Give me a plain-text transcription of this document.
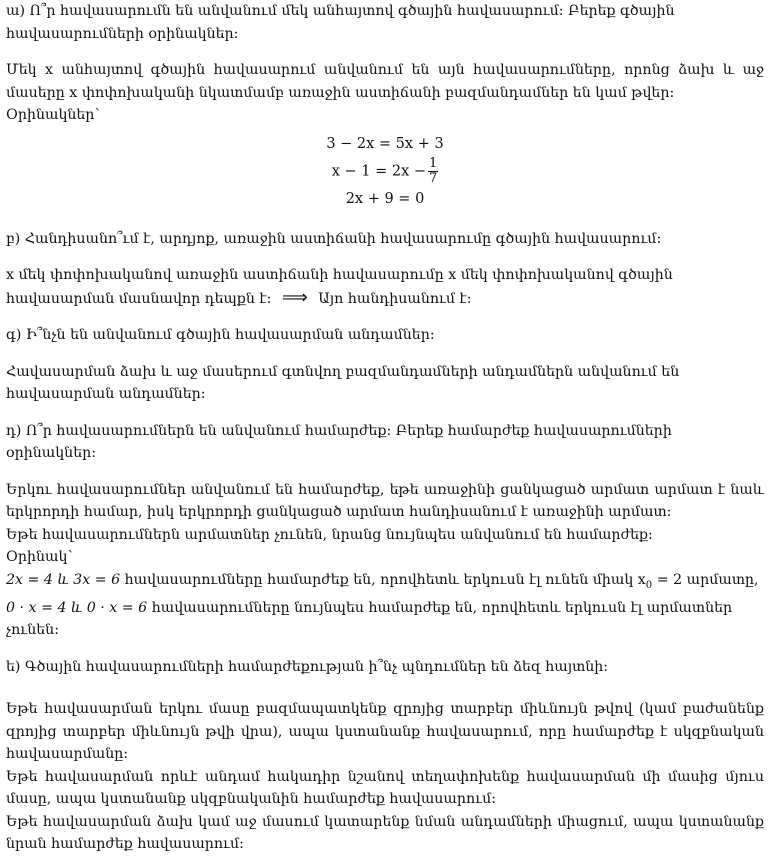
ա) Ո՞ր հավասարումն են անվանում մեկ անհայտով գծային հավասարում: Բերեք գծային հավասարումների օրինակներ:

Մեկ x անհայտով գծային հավասարում անվանում են այն հավասարումները, որոնց ձախ և աջ մասերը x փոփոխականի նկատմամբ առաջին աստիճանի բազմանդամներ են կամ թվեր:

Օրինակներ՝

3 − 2x = 5x + 3
$x - 1 = 2x - \frac{1}{7}$
2x + 9 = 0

բ) Հանդիսանո՞ւմ է, արդյոք, առաջին աստիճանի հավասարումը գծային հավասարում:

x մեկ փոփոխականով առաջին աստիճանի հավասարումը x մեկ փոփոխականով գծային հավասարման մասնավոր դեպքն է: ⟹ Այո հանդիսանում է:

գ) Ի՞նչն են անվանում գծային հավասարման անդամներ:

Հավասարման ձախ և աջ մասերում գտնվող բազմանդամների անդամներն անվանում են հավասարման անդամներ:

դ) Ո՞ր հավասարումներն են անվանում համարժեք: Բերեք համարժեք հավասարումների օրինակներ:

Երկու հավասարումներ անվանում են համարժեք, եթե առաջինի ցանկացած արմատ արմատ է նաև երկրորդի համար, իսկ երկրորդի ցանկացած արմատ հանդիսանում է առաջինի արմատ:

Եթե հավասարումներն արմատներ չունեն, նրանց նույնպես անվանում են համարժեք:

Օրինակ՝

2x = 4 և 3x = 6 հավասարումները համարժեք են, որովհետև երկուսն էլ ունեն միակ $x_0 = 2$ արմատը,

0 · x = 4 և 0 · x = 6 հավասարումները նույնպես համարժեք են, որովհետև երկուսն էլ արմատներ չունեն:

ե) Գծային հավասարումների համարժեքության ի՞նչ պնդումներ են ձեզ հայտնի:

Եթե հավասարման երկու մասը բազմապատկենք զրոյից տարբեր միևնույն թվով (կամ բաժանենք զրոյից տարբեր միևնույն թվի վրա), ապա կստանանք հավասարում, որը համարժեք է սկզբնական հավասարմանը:

Եթե հավասարման որևէ անդամ հակադիր նշանով տեղափոխենք հավասարման մի մասից մյուս մասը, ապա կստանանք սկզբնականին համարժեք հավասարում:

Եթե հավասարման ձախ կամ աջ մասում կատարենք նման անդամների միացում, ապա կստանանք նրան համարժեք հավասարում:
